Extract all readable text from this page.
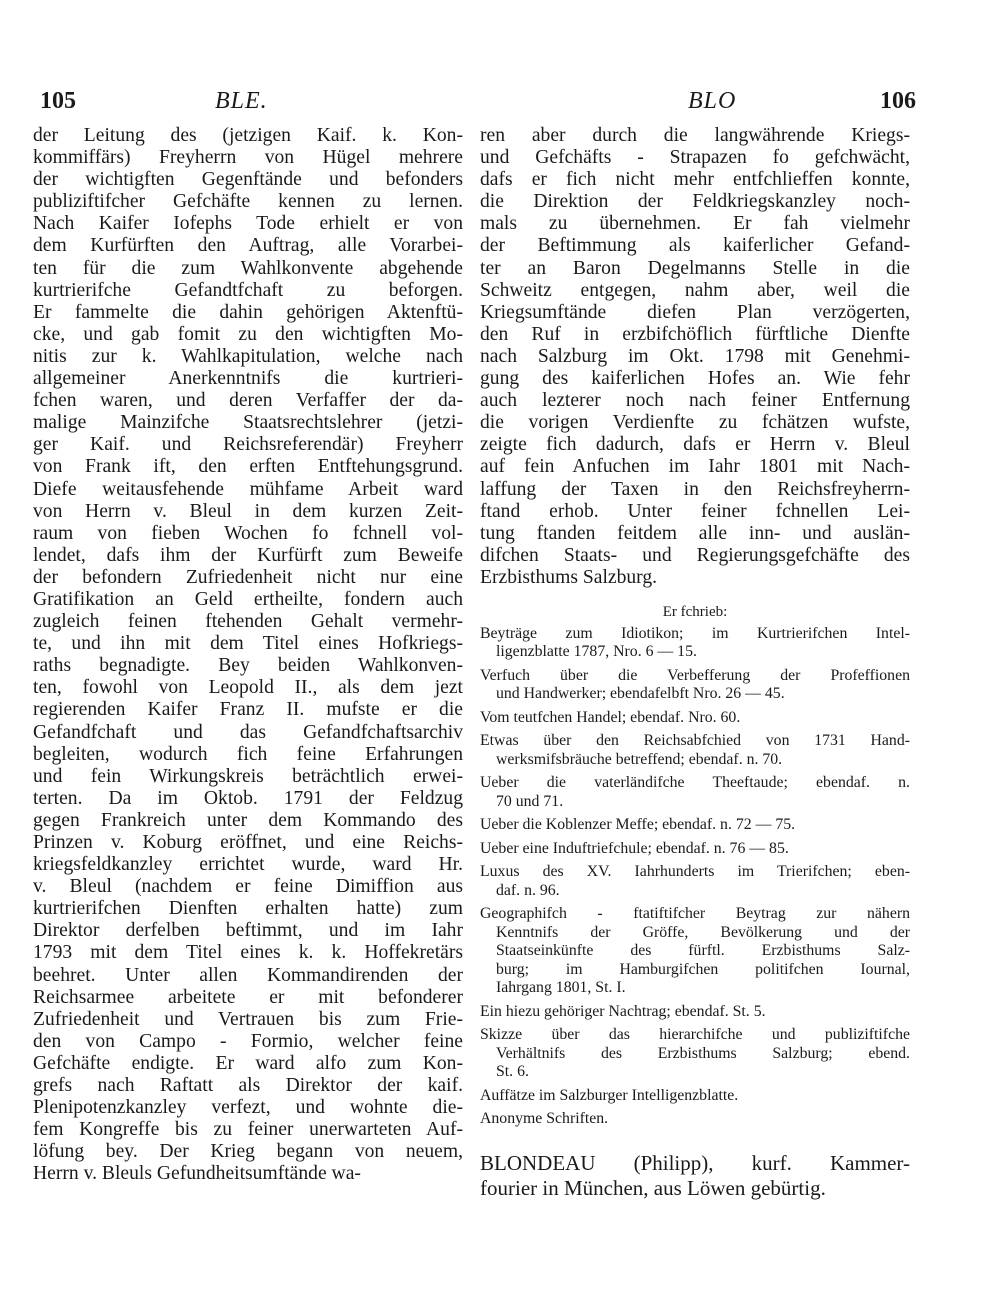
105	BLE.	BLO	106
der Leitung des (jetzigen Kaif. k. Kon-
kommiffärs) Freyherrn von Hügel mehrere
der wichtigften Gegenftände und befonders
publiziftifcher Gefchäfte kennen zu lernen.
Nach Kaifer Iofephs Tode erhielt er von
dem Kurfürften den Auftrag, alle Vorarbei-
ten für die zum Wahlkonvente abgehende
kurtrierifche Gefandtfchaft zu beforgen.
Er fammelte die dahin gehörigen Aktenftü-
cke, und gab fomit zu den wichtigften Mo-
nitis zur k. Wahlkapitulation, welche nach
allgemeiner Anerkenntnifs die kurtrieri-
fchen waren, und deren Verfaffer der da-
malige Mainzifche Staatsrechtslehrer (jetzi-
ger Kaif. und Reichsreferendär) Freyherr
von Frank ift, den erften Entftehungsgrund.
Diefe weitausfehende mühfame Arbeit ward
von Herrn v. Bleul in dem kurzen Zeit-
raum von fieben Wochen fo fchnell vol-
lendet, dafs ihm der Kurfürft zum Beweife
der befondern Zufriedenheit nicht nur eine
Gratifikation an Geld ertheilte, fondern auch
zugleich feinen ftehenden Gehalt vermehr-
te, und ihn mit dem Titel eines Hofkriegs-
raths begnadigte. Bey beiden Wahlkonven-
ten, fowohl von Leopold II., als dem jezt
regierenden Kaifer Franz II. mufste er die
Gefandfchaft und das Gefandfchaftsarchiv
begleiten, wodurch fich feine Erfahrungen
und fein Wirkungskreis beträchtlich erwei-
terten. Da im Oktob. 1791 der Feldzug
gegen Frankreich unter dem Kommando des
Prinzen v. Koburg eröffnet, und eine Reichs-
kriegsfeldkanzley errichtet wurde, ward Hr.
v. Bleul (nachdem er feine Dimiffion aus
kurtrierifchen Dienften erhalten hatte) zum
Direktor derfelben beftimmt, und im Iahr
1793 mit dem Titel eines k. k. Hoffekretärs
beehret. Unter allen Kommandirenden der
Reichsarmee arbeitete er mit befonderer
Zufriedenheit und Vertrauen bis zum Frie-
den von Campo - Formio, welcher feine
Gefchäfte endigte. Er ward alfo zum Kon-
grefs nach Raftatt als Direktor der kaif.
Plenipotenzkanzley verfezt, und wohnte die-
fem Kongreffe bis zu feiner unerwarteten Auf-
löfung bey. Der Krieg begann von neuem,
Herrn v. Bleuls Gefundheitsumftände wa-
ren aber durch die langwährende Kriegs-
und Gefchäfts - Strapazen fo gefchwächt,
dafs er fich nicht mehr entfchlieffen konnte,
die Direktion der Feldkriegskanzley noch-
mals zu übernehmen. Er fah vielmehr
der Beftimmung als kaiferlicher Gefand-
ter an Baron Degelmanns Stelle in die
Schweitz entgegen, nahm aber, weil die
Kriegsumftände diefen Plan verzögerten,
den Ruf in erzbifchöflich fürftliche Dienfte
nach Salzburg im Okt. 1798 mit Genehmi-
gung des kaiferlichen Hofes an. Wie fehr
auch lezterer noch nach feiner Entfernung
die vorigen Verdienfte zu fchätzen wufste,
zeigte fich dadurch, dafs er Herrn v. Bleul
auf fein Anfuchen im Iahr 1801 mit Nach-
laffung der Taxen in den Reichsfreyherrn-
ftand erhob. Unter feiner fchnellen Lei-
tung ftanden feitdem alle inn- und auslän-
difchen Staats- und Regierungsgefchäfte des
Erzbisthums Salzburg.
Er fchrieb:
Beyträge zum Idiotikon; im Kurtrierifchen Intel-
ligenzblatte 1787, Nro. 6 — 15.
Verfuch über die Verbefferung der Profeffionen
und Handwerker; ebendafelbft Nro. 26 — 45.
Vom teutfchen Handel; ebendaf. Nro. 60.
Etwas über den Reichsabfchied von 1731 Hand-
werksmifsbräuche betreffend; ebendaf. n. 70.
Ueber die vaterländifche Theeftaude; ebendaf. n.
70 und 71.
Ueber die Koblenzer Meffe; ebendaf. n. 72 — 75.
Ueber eine Induftriefchule; ebendaf. n. 76 — 85.
Luxus des XV. Iahrhunderts im Trierifchen; eben-
daf. n. 96.
Geographifch - ftatiftifcher Beytrag zur nähern
Kenntnifs der Gröffe, Bevölkerung und der
Staatseinkünfte des fürftl. Erzbisthums Salz-
burg; im Hamburgifchen politifchen Iournal,
Iahrgang 1801, St. I.
Ein hiezu gehöriger Nachtrag; ebendaf. St. 5.
Skizze über das hierarchifche und publiziftifche
Verhältnifs des Erzbisthums Salzburg; ebend.
St. 6.
Auffätze im Salzburger Intelligenzblatte.
Anonyme Schriften.
BLONDEAU (Philipp), kurf. Kammer-
fourier in München, aus Löwen gebürtig.
